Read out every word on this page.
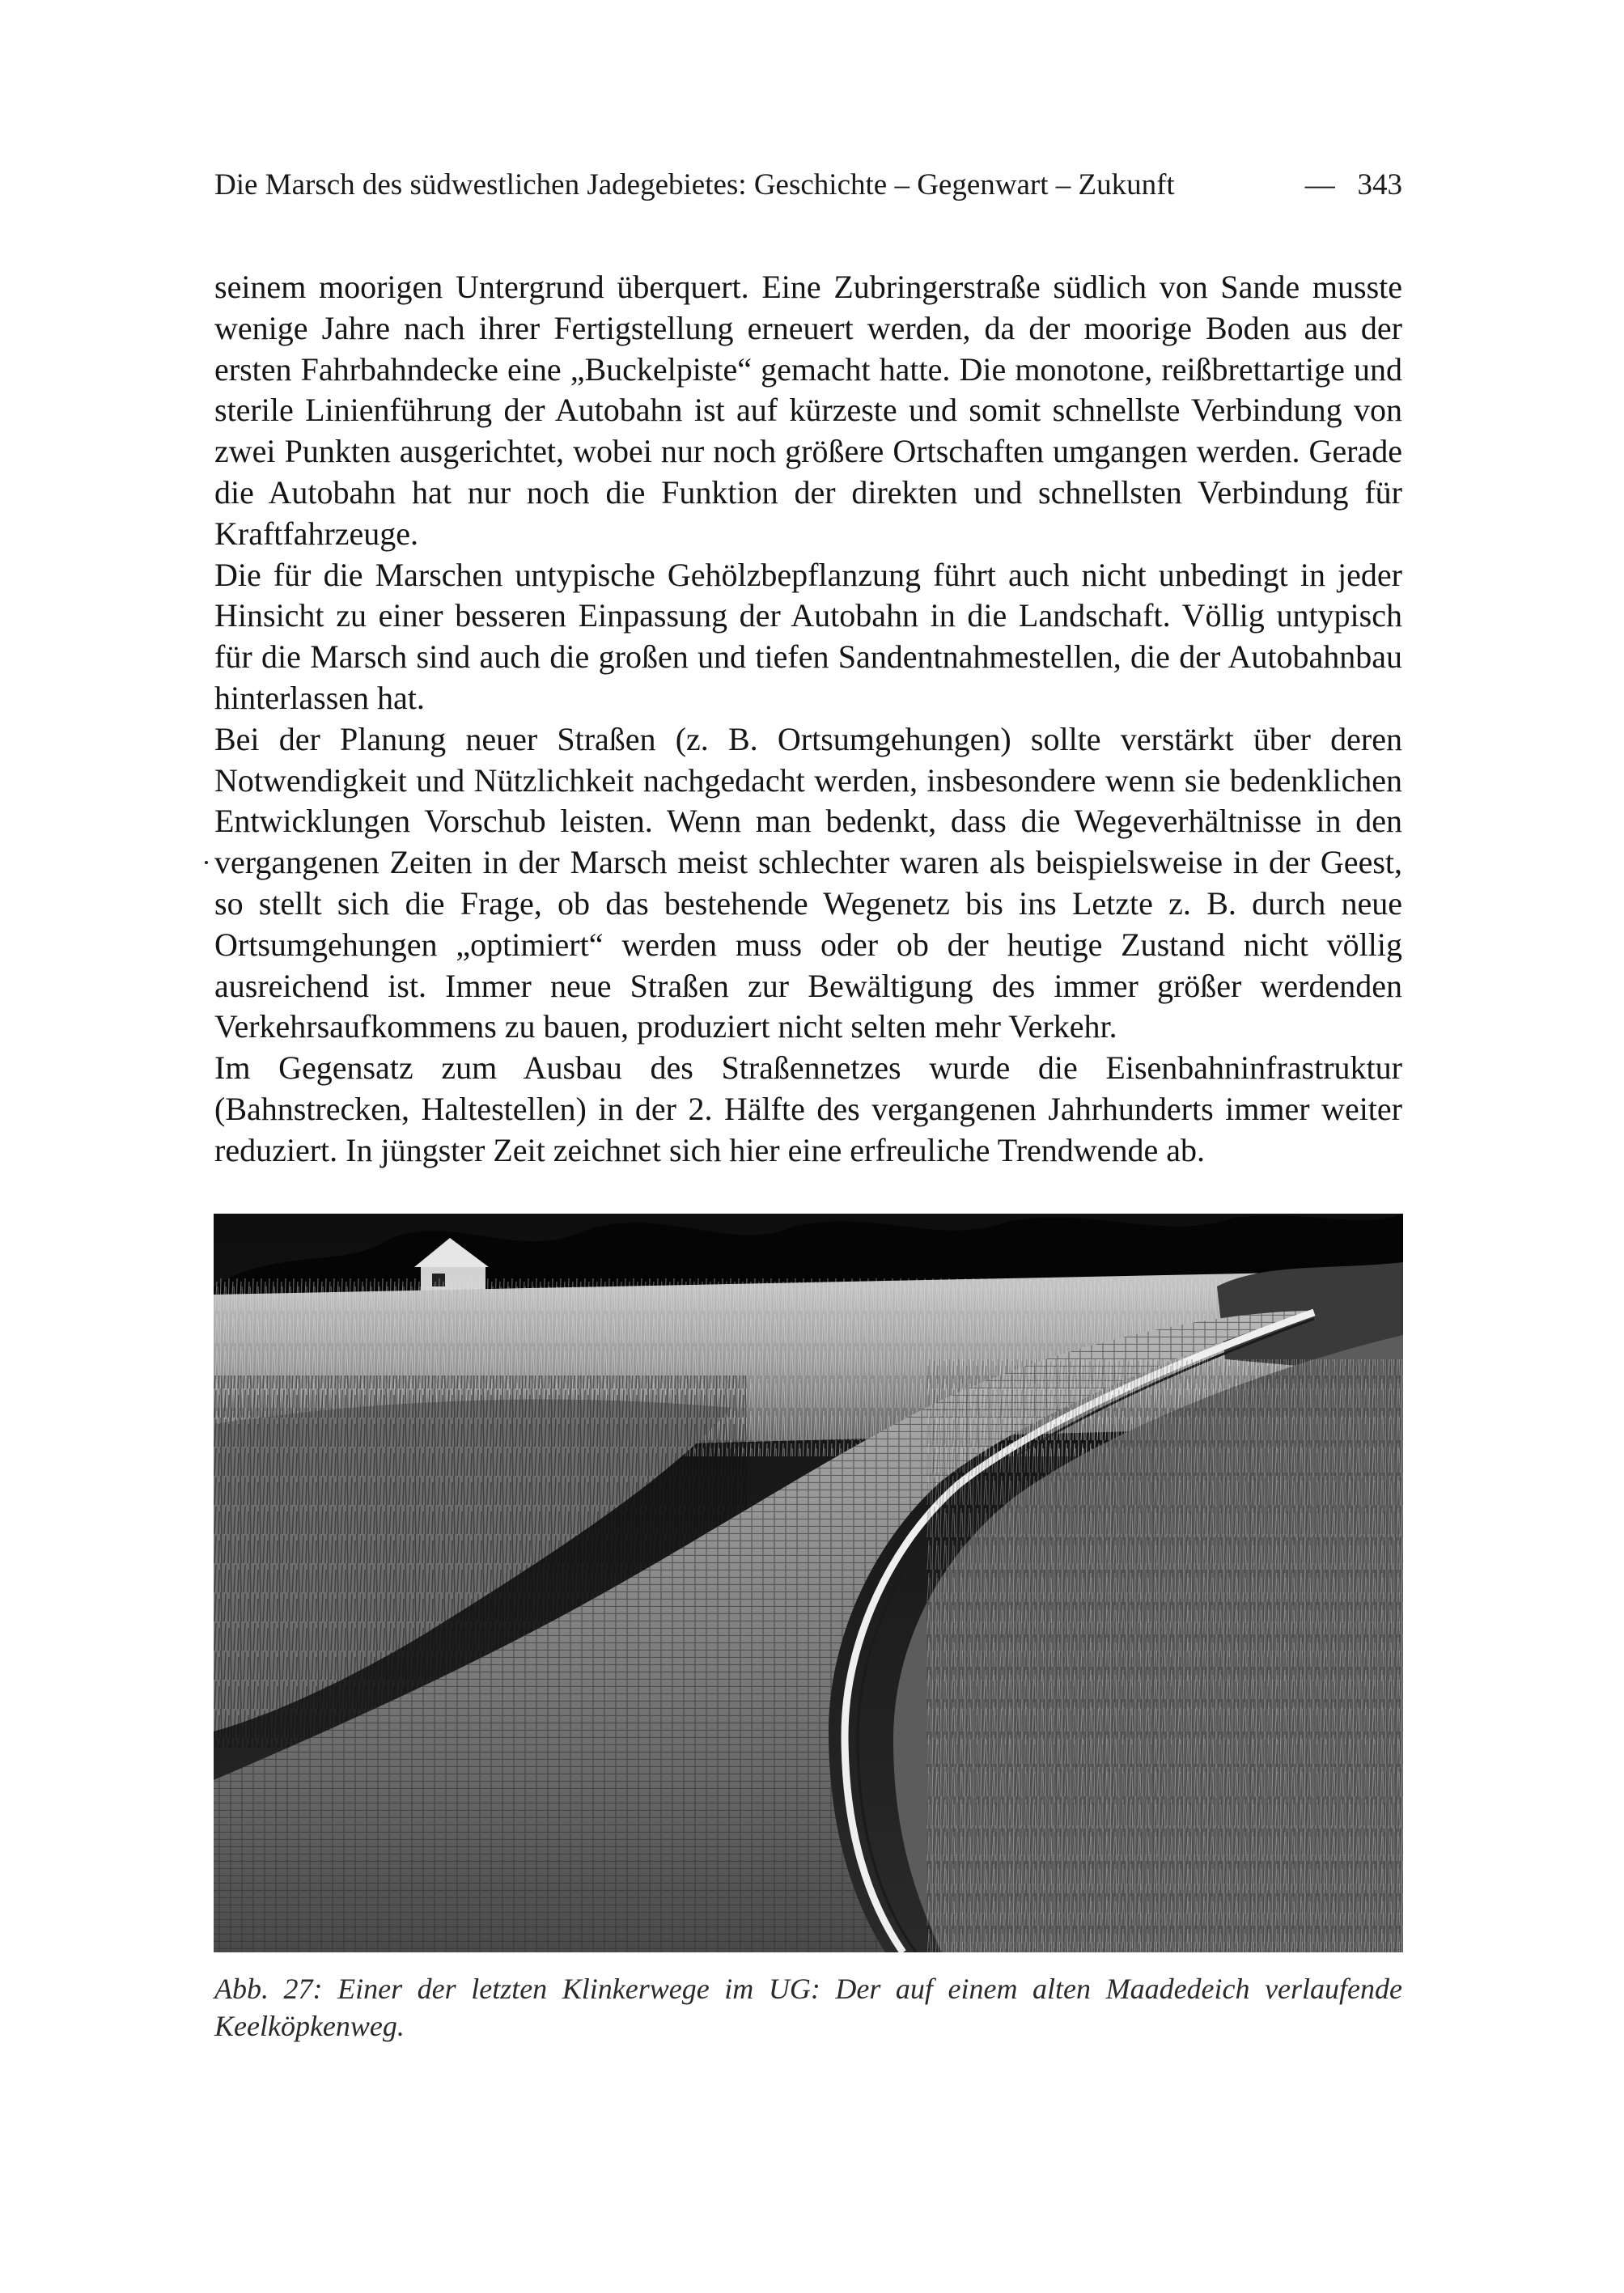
Die Marsch des südwestlichen Jadegebietes: Geschichte – Gegenwart – Zukunft	— 343

seinem moorigen Untergrund überquert. Eine Zubringerstraße südlich von Sande musste wenige Jahre nach ihrer Fertigstellung erneuert werden, da der moorige Boden aus der ersten Fahrbahndecke eine „Buckelpiste“ gemacht hatte. Die monotone, reißbrettartige und sterile Linienführung der Autobahn ist auf kürzeste und somit schnellste Verbindung von zwei Punkten ausgerichtet, wobei nur noch größere Ortschaften umgangen werden. Gerade die Autobahn hat nur noch die Funktion der direkten und schnellsten Verbindung für Kraftfahrzeuge.

Die für die Marschen untypische Gehölzbepflanzung führt auch nicht unbedingt in jeder Hinsicht zu einer besseren Einpassung der Autobahn in die Landschaft. Völlig untypisch für die Marsch sind auch die großen und tiefen Sandentnahmestellen, die der Autobahnbau hinterlassen hat.

Bei der Planung neuer Straßen (z. B. Ortsumgehungen) sollte verstärkt über deren Notwendigkeit und Nützlichkeit nachgedacht werden, insbesondere wenn sie bedenklichen Entwicklungen Vorschub leisten. Wenn man bedenkt, dass die Wegeverhältnisse in den vergangenen Zeiten in der Marsch meist schlechter waren als beispielsweise in der Geest, so stellt sich die Frage, ob das bestehende Wegenetz bis ins Letzte z. B. durch neue Ortsumgehungen „optimiert“ werden muss oder ob der heutige Zustand nicht völlig ausreichend ist. Immer neue Straßen zur Bewältigung des immer größer werdenden Verkehrsaufkommens zu bauen, produziert nicht selten mehr Verkehr.

Im Gegensatz zum Ausbau des Straßennetzes wurde die Eisenbahninfrastruktur (Bahnstrecken, Haltestellen) in der 2. Hälfte des vergangenen Jahrhunderts immer weiter reduziert. In jüngster Zeit zeichnet sich hier eine erfreuliche Trendwende ab.

Abb. 27: Einer der letzten Klinkerwege im UG: Der auf einem alten Maadedeich verlaufende
Keelköpkenweg.
